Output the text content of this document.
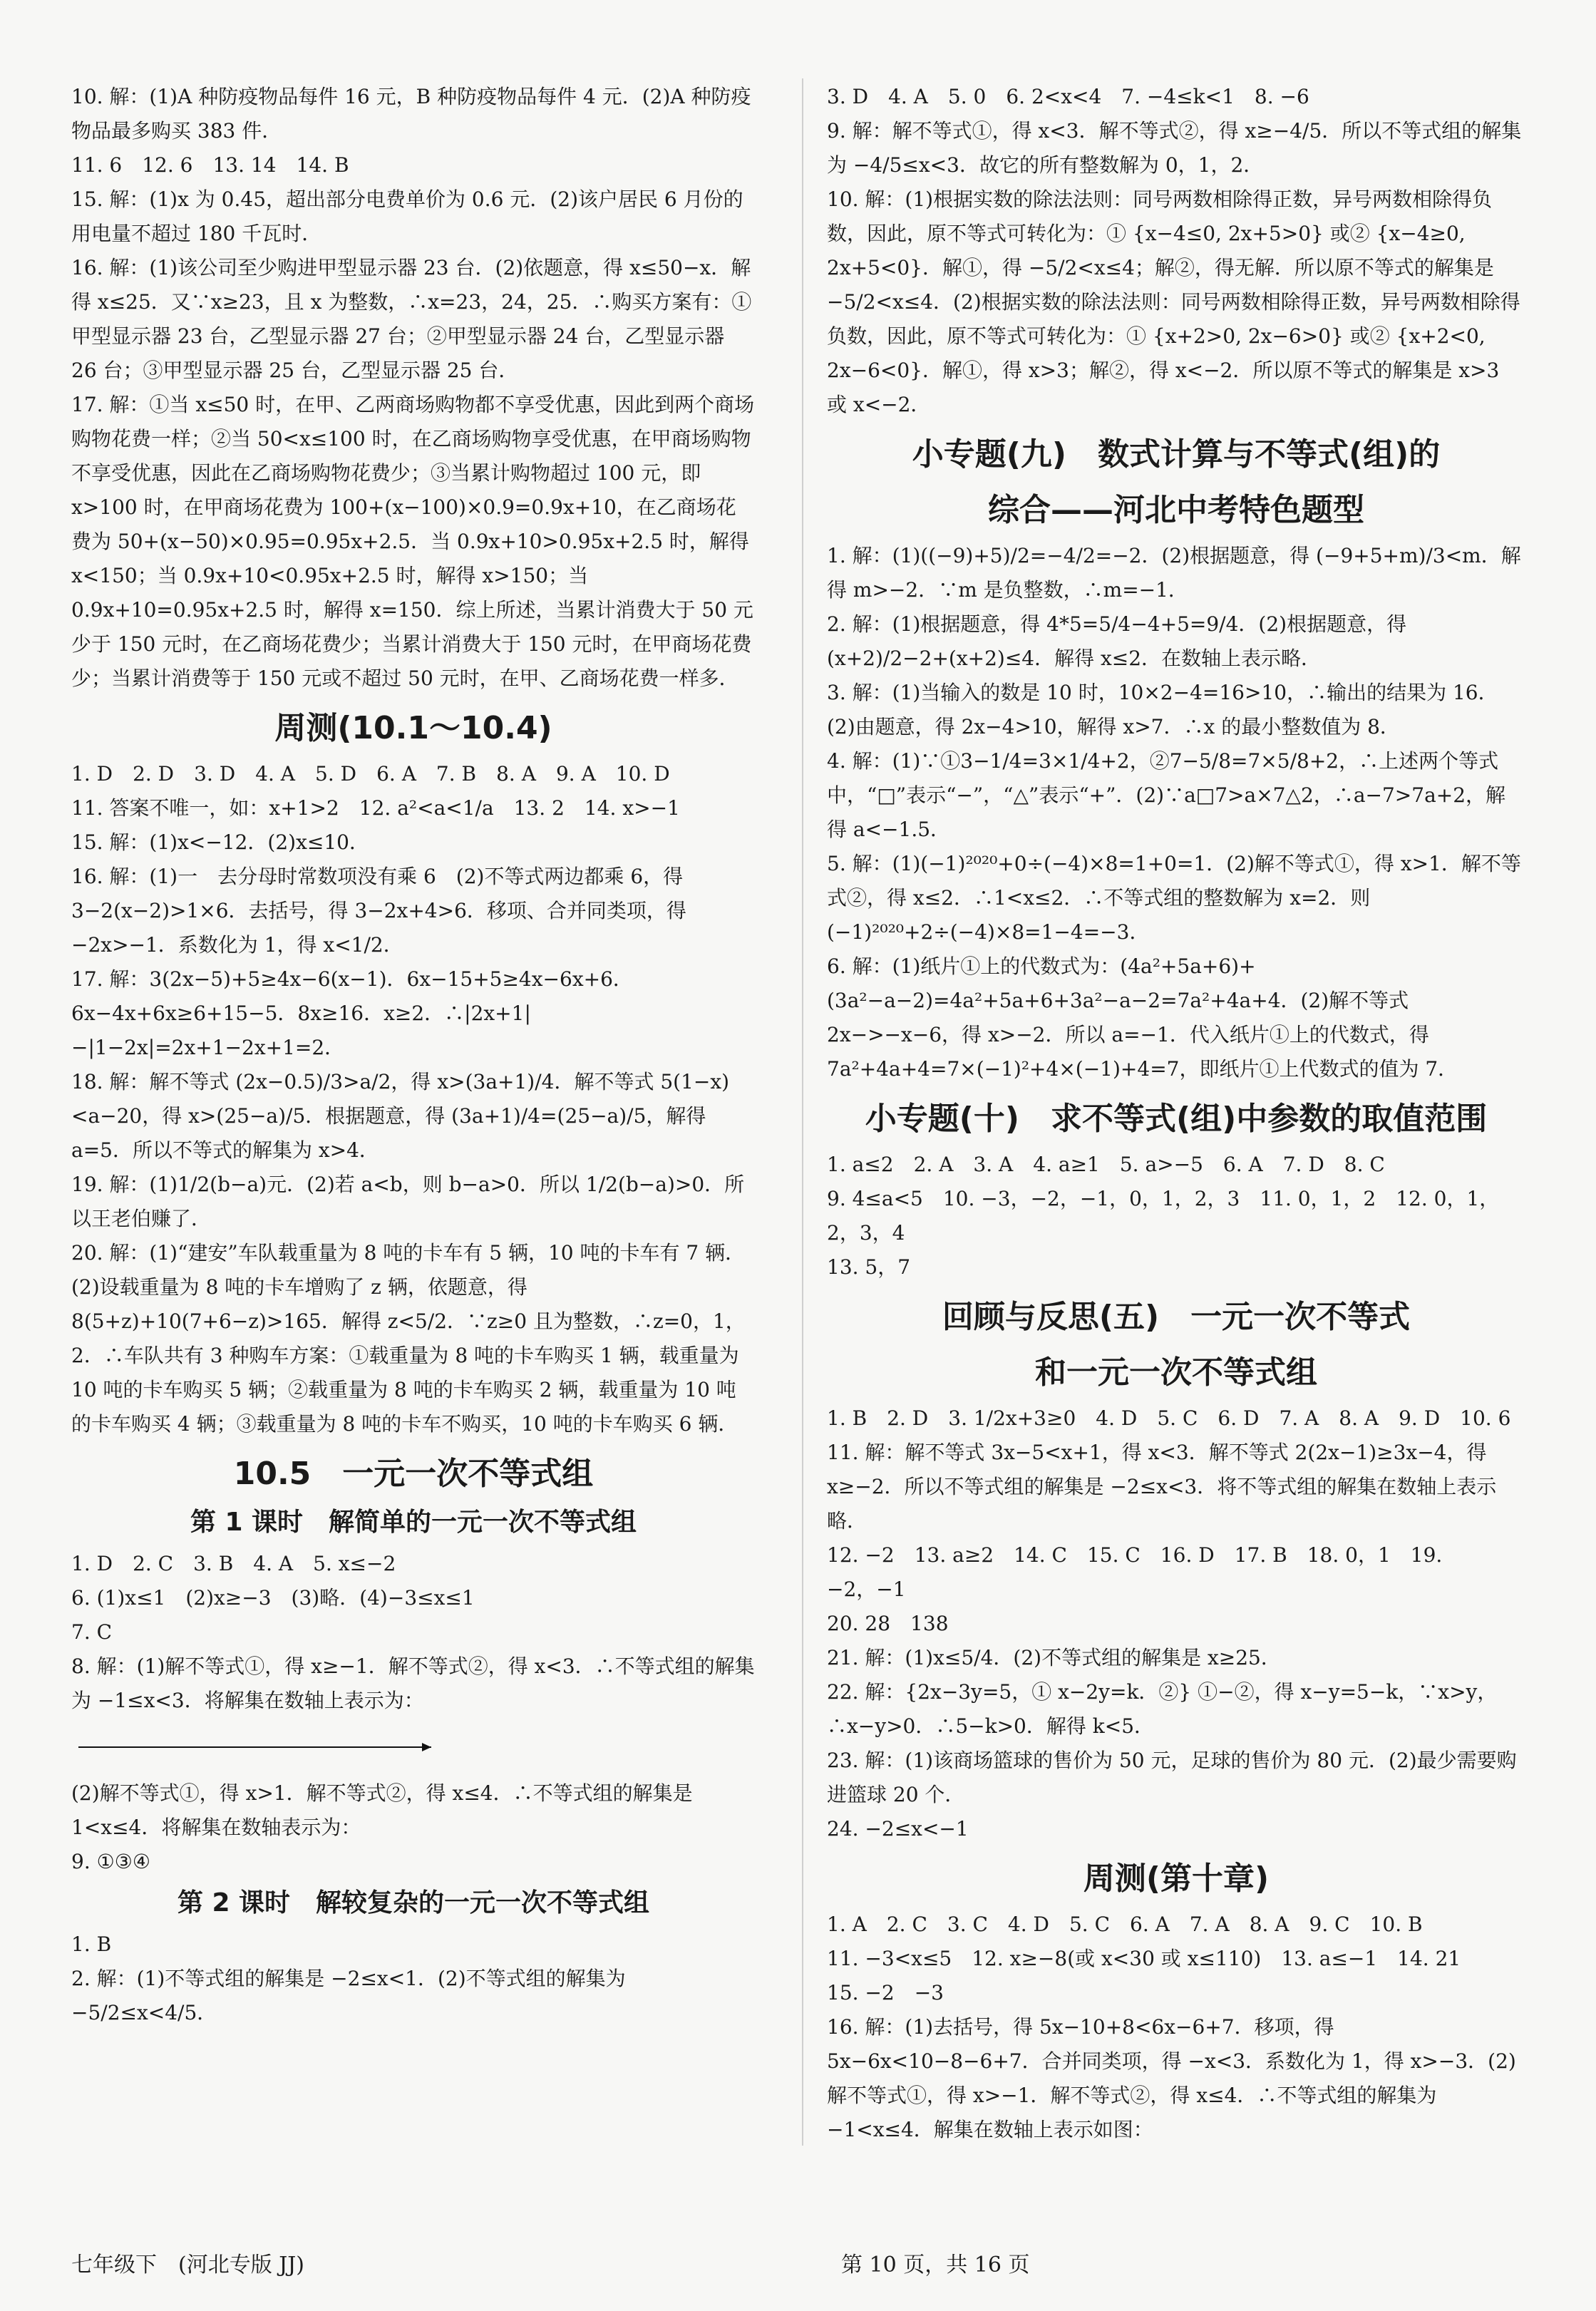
10. 解：(1)A 种防疫物品每件 16 元，B 种防疫物品每件 4 元．(2)A 种防疫物品最多购买 383 件．

11. 6　12. 6　13. 14　14. B

15. 解：(1)x 为 0.45，超出部分电费单价为 0.6 元．(2)该户居民 6 月份的用电量不超过 180 千瓦时．

16. 解：(1)该公司至少购进甲型显示器 23 台．(2)依题意，得 x≤50−x．解得 x≤25．又∵x≥23，且 x 为整数，∴x=23，24，25．∴购买方案有：①甲型显示器 23 台，乙型显示器 27 台；②甲型显示器 24 台，乙型显示器 26 台；③甲型显示器 25 台，乙型显示器 25 台．

17. 解：①当 x≤50 时，在甲、乙两商场购物都不享受优惠，因此到两个商场购物花费一样；②当 50<x≤100 时，在乙商场购物享受优惠，在甲商场购物不享受优惠，因此在乙商场购物花费少；③当累计购物超过 100 元，即 x>100 时，在甲商场花费为 100+(x−100)×0.9=0.9x+10，在乙商场花费为 50+(x−50)×0.95=0.95x+2.5．当 0.9x+10>0.95x+2.5 时，解得 x<150；当 0.9x+10<0.95x+2.5 时，解得 x>150；当 0.9x+10=0.95x+2.5 时，解得 x=150．综上所述，当累计消费大于 50 元少于 150 元时，在乙商场花费少；当累计消费大于 150 元时，在甲商场花费少；当累计消费等于 150 元或不超过 50 元时，在甲、乙商场花费一样多．

周测(10.1～10.4)

1. D　2. D　3. D　4. A　5. D　6. A　7. B　8. A　9. A　10. D

11. 答案不唯一，如：x+1>2　12. a²<a<1/a　13. 2　14. x>−1

15. 解：(1)x<−12．(2)x≤10．

16. 解：(1)一　去分母时常数项没有乘 6　(2)不等式两边都乘 6，得 3−2(x−2)>1×6．去括号，得 3−2x+4>6．移项、合并同类项，得 −2x>−1．系数化为 1，得 x<1/2．

17. 解：3(2x−5)+5≥4x−6(x−1)．6x−15+5≥4x−6x+6．6x−4x+6x≥6+15−5．8x≥16．x≥2．∴|2x+1|−|1−2x|=2x+1−2x+1=2．

18. 解：解不等式 (2x−0.5)/3>a/2，得 x>(3a+1)/4．解不等式 5(1−x)<a−20，得 x>(25−a)/5．根据题意，得 (3a+1)/4=(25−a)/5，解得 a=5．所以不等式的解集为 x>4．

19. 解：(1)1/2(b−a)元．(2)若 a<b，则 b−a>0．所以 1/2(b−a)>0．所以王老伯赚了．

20. 解：(1)“建安”车队载重量为 8 吨的卡车有 5 辆，10 吨的卡车有 7 辆．(2)设载重量为 8 吨的卡车增购了 z 辆，依题意，得 8(5+z)+10(7+6−z)>165．解得 z<5/2．∵z≥0 且为整数，∴z=0，1，2．∴车队共有 3 种购车方案：①载重量为 8 吨的卡车购买 1 辆，载重量为 10 吨的卡车购买 5 辆；②载重量为 8 吨的卡车购买 2 辆，载重量为 10 吨的卡车购买 4 辆；③载重量为 8 吨的卡车不购买，10 吨的卡车购买 6 辆．

10.5　一元一次不等式组
第 1 课时　解简单的一元一次不等式组

1. D　2. C　3. B　4. A　5. x≤−2

6. (1)x≤1　(2)x≥−3　(3)略．(4)−3≤x≤1

7. C

8. 解：(1)解不等式①，得 x≥−1．解不等式②，得 x<3．∴不等式组的解集为 −1≤x<3．将解集在数轴上表示为：

(2)解不等式①，得 x>1．解不等式②，得 x≤4．∴不等式组的解集是 1<x≤4．将解集在数轴表示为：

9. ①③④

第 2 课时　解较复杂的一元一次不等式组

1. B

2. 解：(1)不等式组的解集是 −2≤x<1．(2)不等式组的解集为 −5/2≤x<4/5．

3. D　4. A　5. 0　6. 2<x<4　7. −4≤k<1　8. −6

9. 解：解不等式①，得 x<3．解不等式②，得 x≥−4/5．所以不等式组的解集为 −4/5≤x<3．故它的所有整数解为 0，1，2．

10. 解：(1)根据实数的除法法则：同号两数相除得正数，异号两数相除得负数，因此，原不等式可转化为：① {x−4≤0, 2x+5>0} 或② {x−4≥0, 2x+5<0}．解①，得 −5/2<x≤4；解②，得无解．所以原不等式的解集是 −5/2<x≤4．(2)根据实数的除法法则：同号两数相除得正数，异号两数相除得负数，因此，原不等式可转化为：① {x+2>0, 2x−6>0} 或② {x+2<0, 2x−6<0}．解①，得 x>3；解②，得 x<−2．所以原不等式的解集是 x>3 或 x<−2．

小专题(九)　数式计算与不等式(组)的
综合——河北中考特色题型

1. 解：(1)((−9)+5)/2=−4/2=−2．(2)根据题意，得 (−9+5+m)/3<m．解得 m>−2．∵m 是负整数，∴m=−1．

2. 解：(1)根据题意，得 4*5=5/4−4+5=9/4．(2)根据题意，得 (x+2)/2−2+(x+2)≤4．解得 x≤2．在数轴上表示略．

3. 解：(1)当输入的数是 10 时，10×2−4=16>10，∴输出的结果为 16．(2)由题意，得 2x−4>10，解得 x>7．∴x 的最小整数值为 8．

4. 解：(1)∵①3−1/4=3×1/4+2，②7−5/8=7×5/8+2，∴上述两个等式中，“□”表示“−”，“△”表示“+”．(2)∵a□7>a×7△2，∴a−7>7a+2，解得 a<−1.5．

5. 解：(1)(−1)²⁰²⁰+0÷(−4)×8=1+0=1．(2)解不等式①，得 x>1．解不等式②，得 x≤2．∴1<x≤2．∴不等式组的整数解为 x=2．则 (−1)²⁰²⁰+2÷(−4)×8=1−4=−3．

6. 解：(1)纸片①上的代数式为：(4a²+5a+6)+(3a²−a−2)=4a²+5a+6+3a²−a−2=7a²+4a+4．(2)解不等式 2x−>−x−6，得 x>−2．所以 a=−1．代入纸片①上的代数式，得 7a²+4a+4=7×(−1)²+4×(−1)+4=7，即纸片①上代数式的值为 7．

小专题(十)　求不等式(组)中参数的取值范围

1. a≤2　2. A　3. A　4. a≥1　5. a>−5　6. A　7. D　8. C

9. 4≤a<5　10. −3，−2，−1，0，1，2，3　11. 0，1，2　12. 0，1，2，3，4

13. 5，7

回顾与反思(五)　一元一次不等式
和一元一次不等式组

1. B　2. D　3. 1/2x+3≥0　4. D　5. C　6. D　7. A　8. A　9. D　10. 6

11. 解：解不等式 3x−5<x+1，得 x<3．解不等式 2(2x−1)≥3x−4，得 x≥−2．所以不等式组的解集是 −2≤x<3．将不等式组的解集在数轴上表示略．

12. −2　13. a≥2　14. C　15. C　16. D　17. B　18. 0，1　19. −2，−1

20. 28　138

21. 解：(1)x≤5/4．(2)不等式组的解集是 x≥25．

22. 解：{2x−3y=5，① x−2y=k．②} ①−②，得 x−y=5−k，∵x>y，∴x−y>0．∴5−k>0．解得 k<5．

23. 解：(1)该商场篮球的售价为 50 元，足球的售价为 80 元．(2)最少需要购进篮球 20 个．

24. −2≤x<−1

周测(第十章)

1. A　2. C　3. C　4. D　5. C　6. A　7. A　8. A　9. C　10. B

11. −3<x≤5　12. x≥−8(或 x<30 或 x≤110)　13. a≤−1　14. 21

15. −2　−3

16. 解：(1)去括号，得 5x−10+8<6x−6+7．移项，得 5x−6x<10−8−6+7．合并同类项，得 −x<3．系数化为 1，得 x>−3．(2)解不等式①，得 x>−1．解不等式②，得 x≤4．∴不等式组的解集为 −1<x≤4．解集在数轴上表示如图：

七年级下　(河北专版 JJ)	第 10 页，共 16 页
